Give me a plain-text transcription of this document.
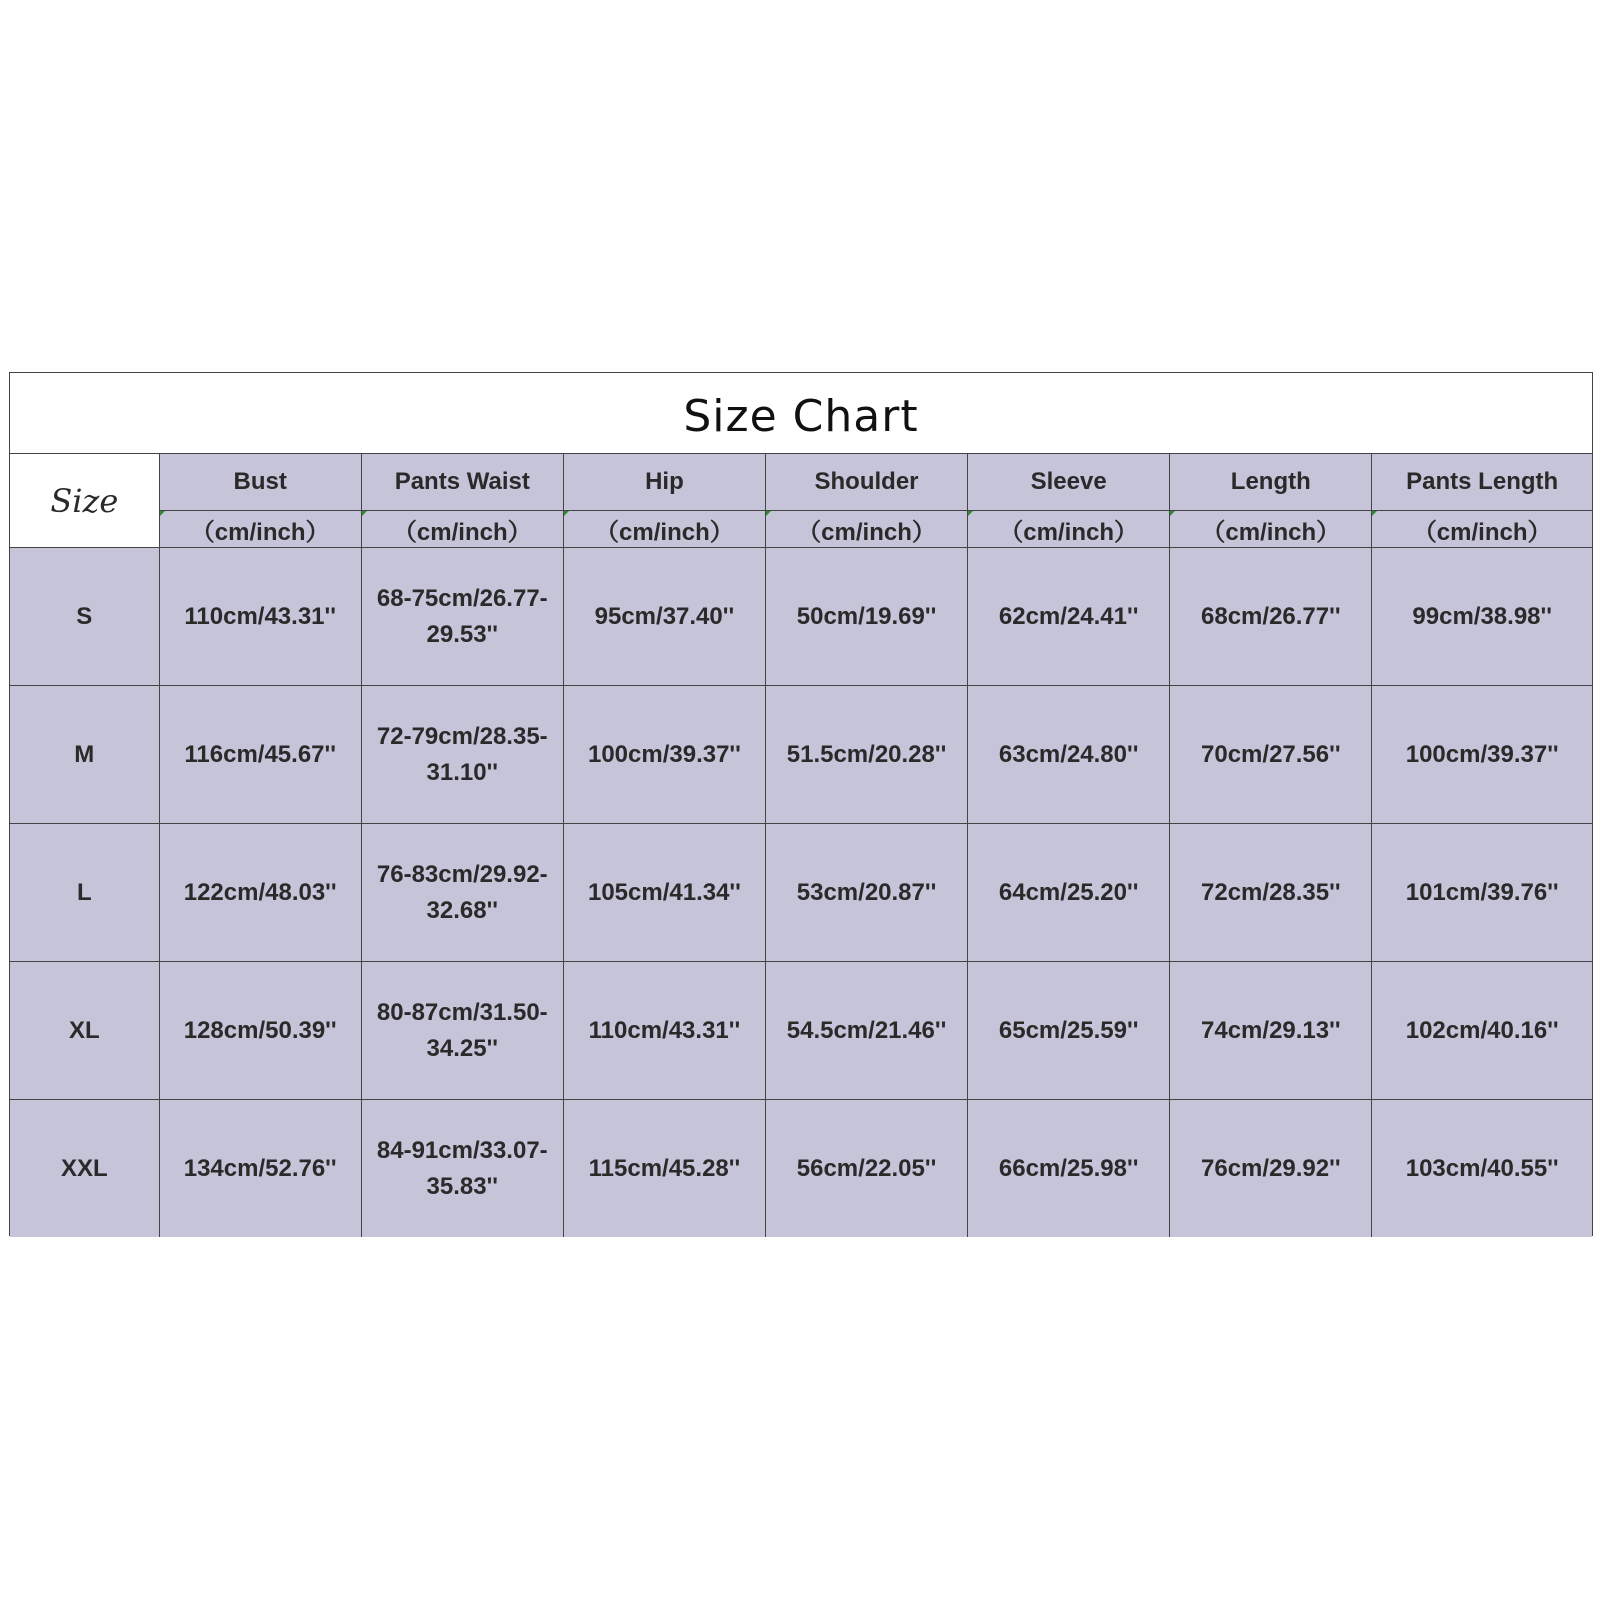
Size Chart
Size	Bust	Pants Waist	Hip	Shoulder	Sleeve	Length	Pants Length

（cm/inch）	（cm/inch）	（cm/inch）	（cm/inch）	（cm/inch）	（cm/inch）	（cm/inch）
S	110cm/43.31''	68-75cm/26.77-
29.53''	95cm/37.40''	50cm/19.69''	62cm/24.41''	68cm/26.77''	99cm/38.98''
M	116cm/45.67''	72-79cm/28.35-
31.10''	100cm/39.37''	51.5cm/20.28''	63cm/24.80''	70cm/27.56''	100cm/39.37''
L	122cm/48.03''	76-83cm/29.92-
32.68''	105cm/41.34''	53cm/20.87''	64cm/25.20''	72cm/28.35''	101cm/39.76''
XL	128cm/50.39''	80-87cm/31.50-
34.25''	110cm/43.31''	54.5cm/21.46''	65cm/25.59''	74cm/29.13''	102cm/40.16''
XXL	134cm/52.76''	84-91cm/33.07-
35.83''	115cm/45.28''	56cm/22.05''	66cm/25.98''	76cm/29.92''	103cm/40.55''
